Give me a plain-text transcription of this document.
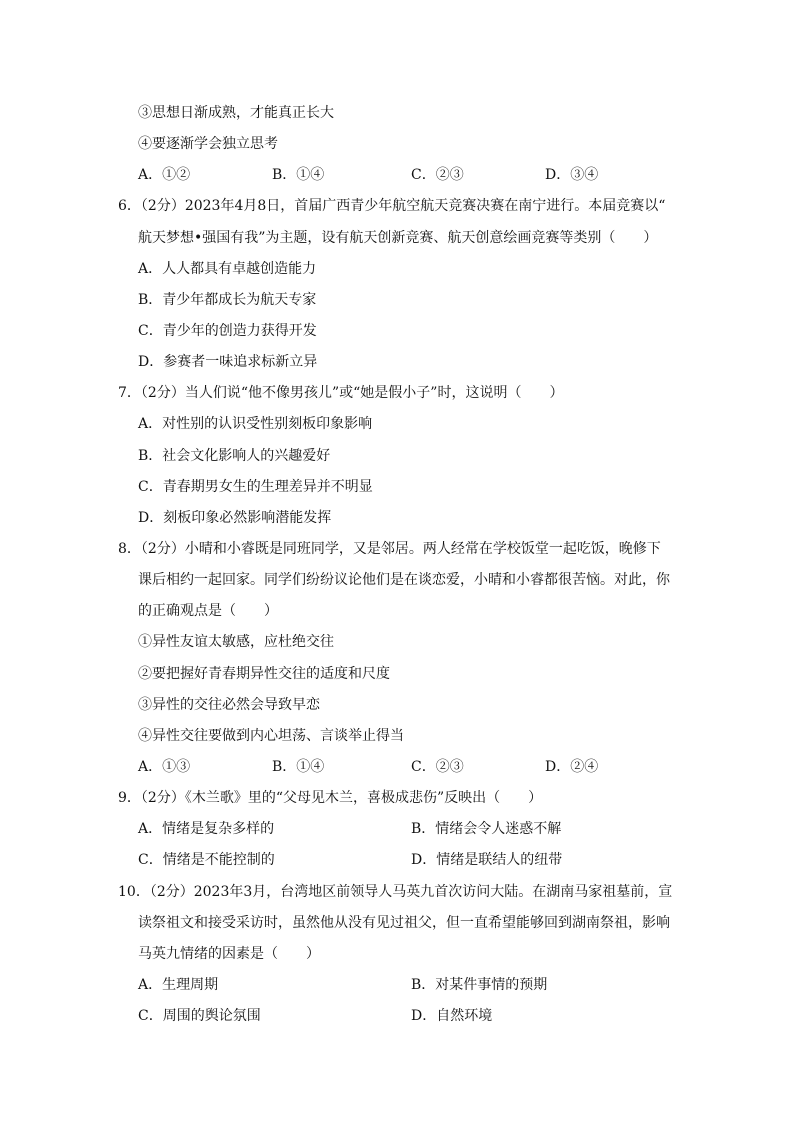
③思想日渐成熟，才能真正长大
④要逐渐学会独立思考
A．①②	B．①④	C．②③	D．③④
6．（2分）2023年4月8日，首届广西青少年航空航天竞赛决赛在南宁进行。本届竞赛以“
航天梦想•强国有我”为主题，设有航天创新竞赛、航天创意绘画竞赛等类别（　　）
A．人人都具有卓越创造能力
B．青少年都成长为航天专家
C．青少年的创造力获得开发
D．参赛者一味追求标新立异
7．（2分）当人们说“他不像男孩儿”或“她是假小子”时，这说明（　　）
A．对性别的认识受性别刻板印象影响
B．社会文化影响人的兴趣爱好
C．青春期男女生的生理差异并不明显
D．刻板印象必然影响潜能发挥
8．（2分）小晴和小睿既是同班同学，又是邻居。两人经常在学校饭堂一起吃饭，晚修下
课后相约一起回家。同学们纷纷议论他们是在谈恋爱，小晴和小睿都很苦恼。对此，你
的正确观点是（　　）
①异性友谊太敏感，应杜绝交往
②要把握好青春期异性交往的适度和尺度
③异性的交往必然会导致早恋
④异性交往要做到内心坦荡、言谈举止得当
A．①③	B．①④	C．②③	D．②④
9．（2分）《木兰歌》里的“父母见木兰，喜极成悲伤”反映出（　　）
A．情绪是复杂多样的	B．情绪会令人迷惑不解
C．情绪是不能控制的	D．情绪是联结人的纽带
10．（2分）2023年3月，台湾地区前领导人马英九首次访问大陆。在湖南马家祖墓前，宣
读祭祖文和接受采访时，虽然他从没有见过祖父，但一直希望能够回到湖南祭祖，影响
马英九情绪的因素是（　　）
A．生理周期	B．对某件事情的预期
C．周围的舆论氛围	D．自然环境
